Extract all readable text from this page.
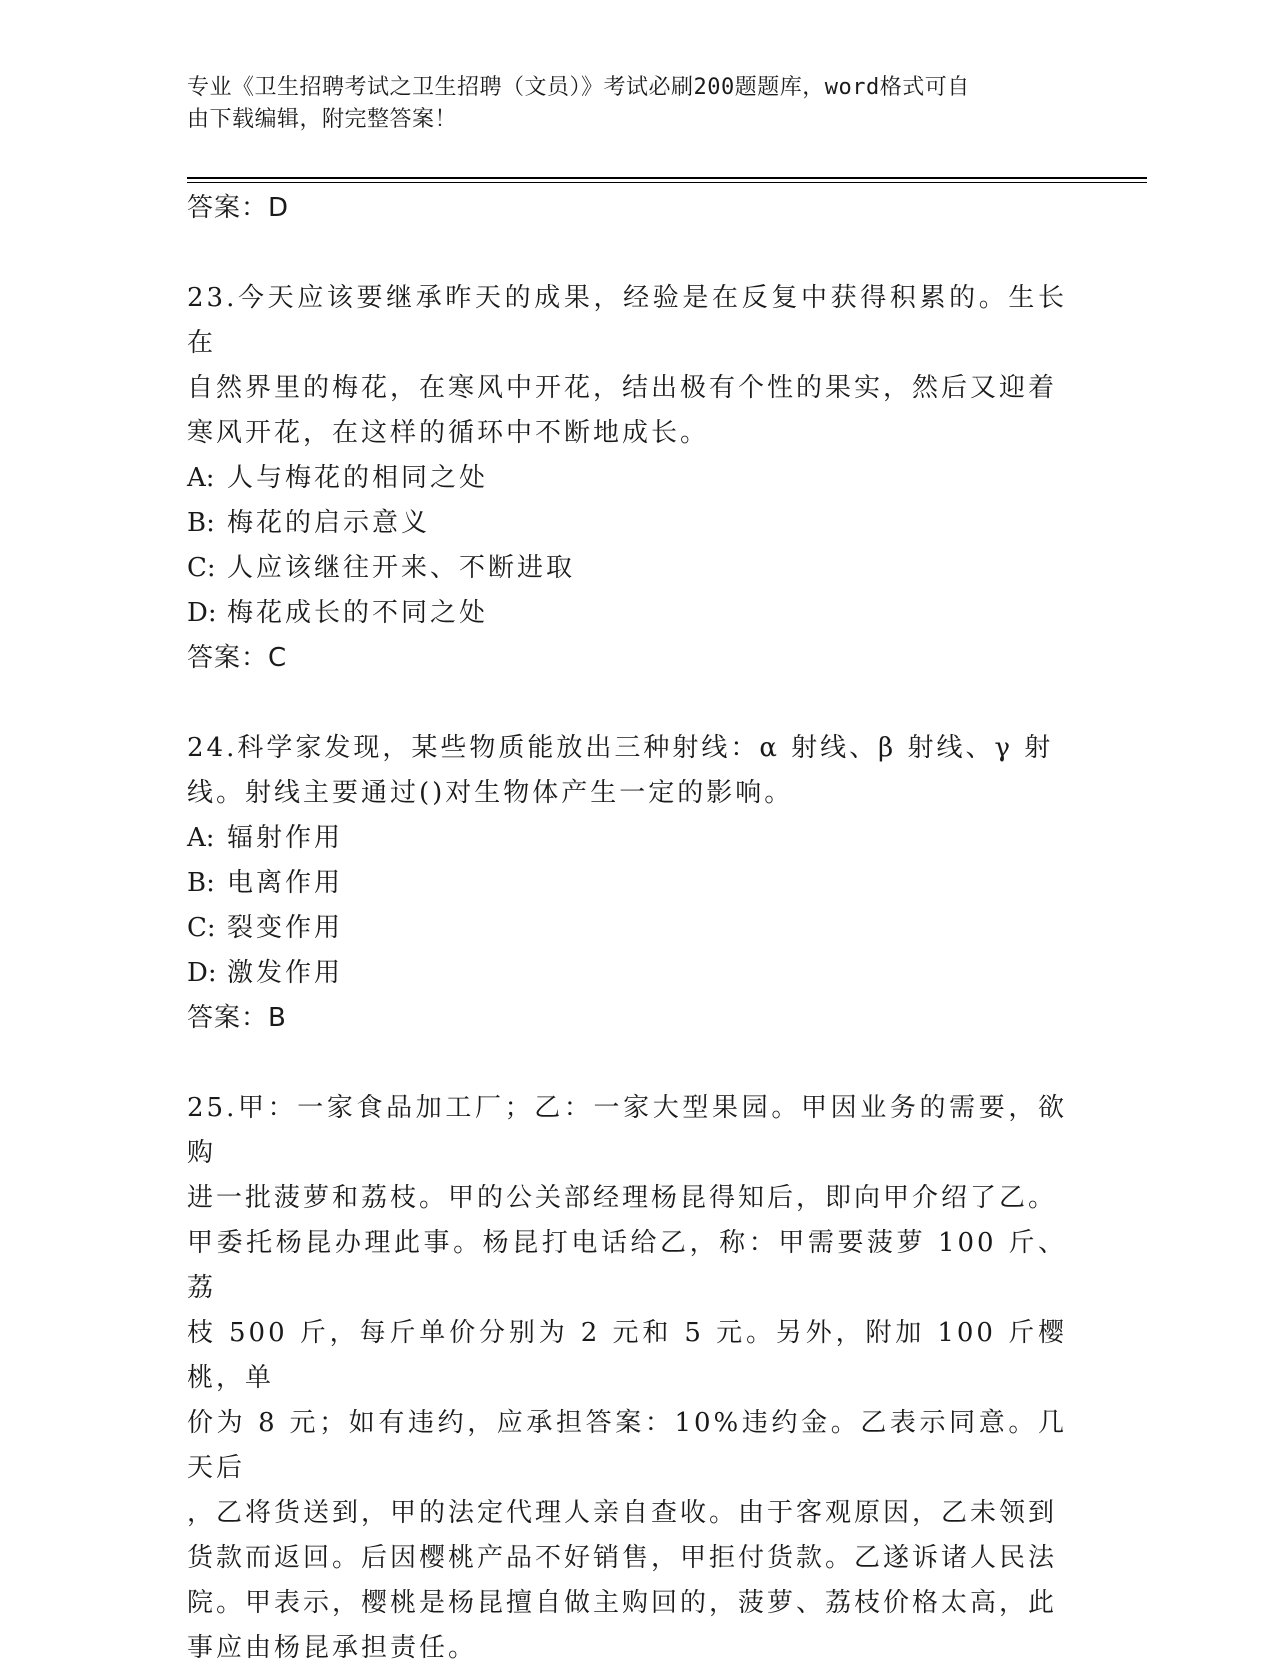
专业《卫生招聘考试之卫生招聘（文员）》考试必刷200题题库，word格式可自
由下载编辑，附完整答案！

答案：D

23.今天应该要继承昨天的成果，经验是在反复中获得积累的。生长在

自然界里的梅花，在寒风中开花，结出极有个性的果实，然后又迎着

寒风开花，在这样的循环中不断地成长。

A: 人与梅花的相同之处

B: 梅花的启示意义

C: 人应该继往开来、不断进取

D: 梅花成长的不同之处

答案：C

24.科学家发现，某些物质能放出三种射线：α 射线、β 射线、γ 射

线。射线主要通过()对生物体产生一定的影响。

A: 辐射作用

B: 电离作用

C: 裂变作用

D: 激发作用

答案：B

25.甲：一家食品加工厂；乙：一家大型果园。甲因业务的需要，欲购

进一批菠萝和荔枝。甲的公关部经理杨昆得知后，即向甲介绍了乙。

甲委托杨昆办理此事。杨昆打电话给乙，称：甲需要菠萝 100 斤、荔

枝 500 斤，每斤单价分别为 2 元和 5 元。另外，附加 100 斤樱桃，单

价为 8 元；如有违约，应承担答案：10%违约金。乙表示同意。几天后

，乙将货送到，甲的法定代理人亲自查收。由于客观原因，乙未领到

货款而返回。后因樱桃产品不好销售，甲拒付货款。乙遂诉诸人民法

院。甲表示，樱桃是杨昆擅自做主购回的，菠萝、荔枝价格太高，此

事应由杨昆承担责任。
